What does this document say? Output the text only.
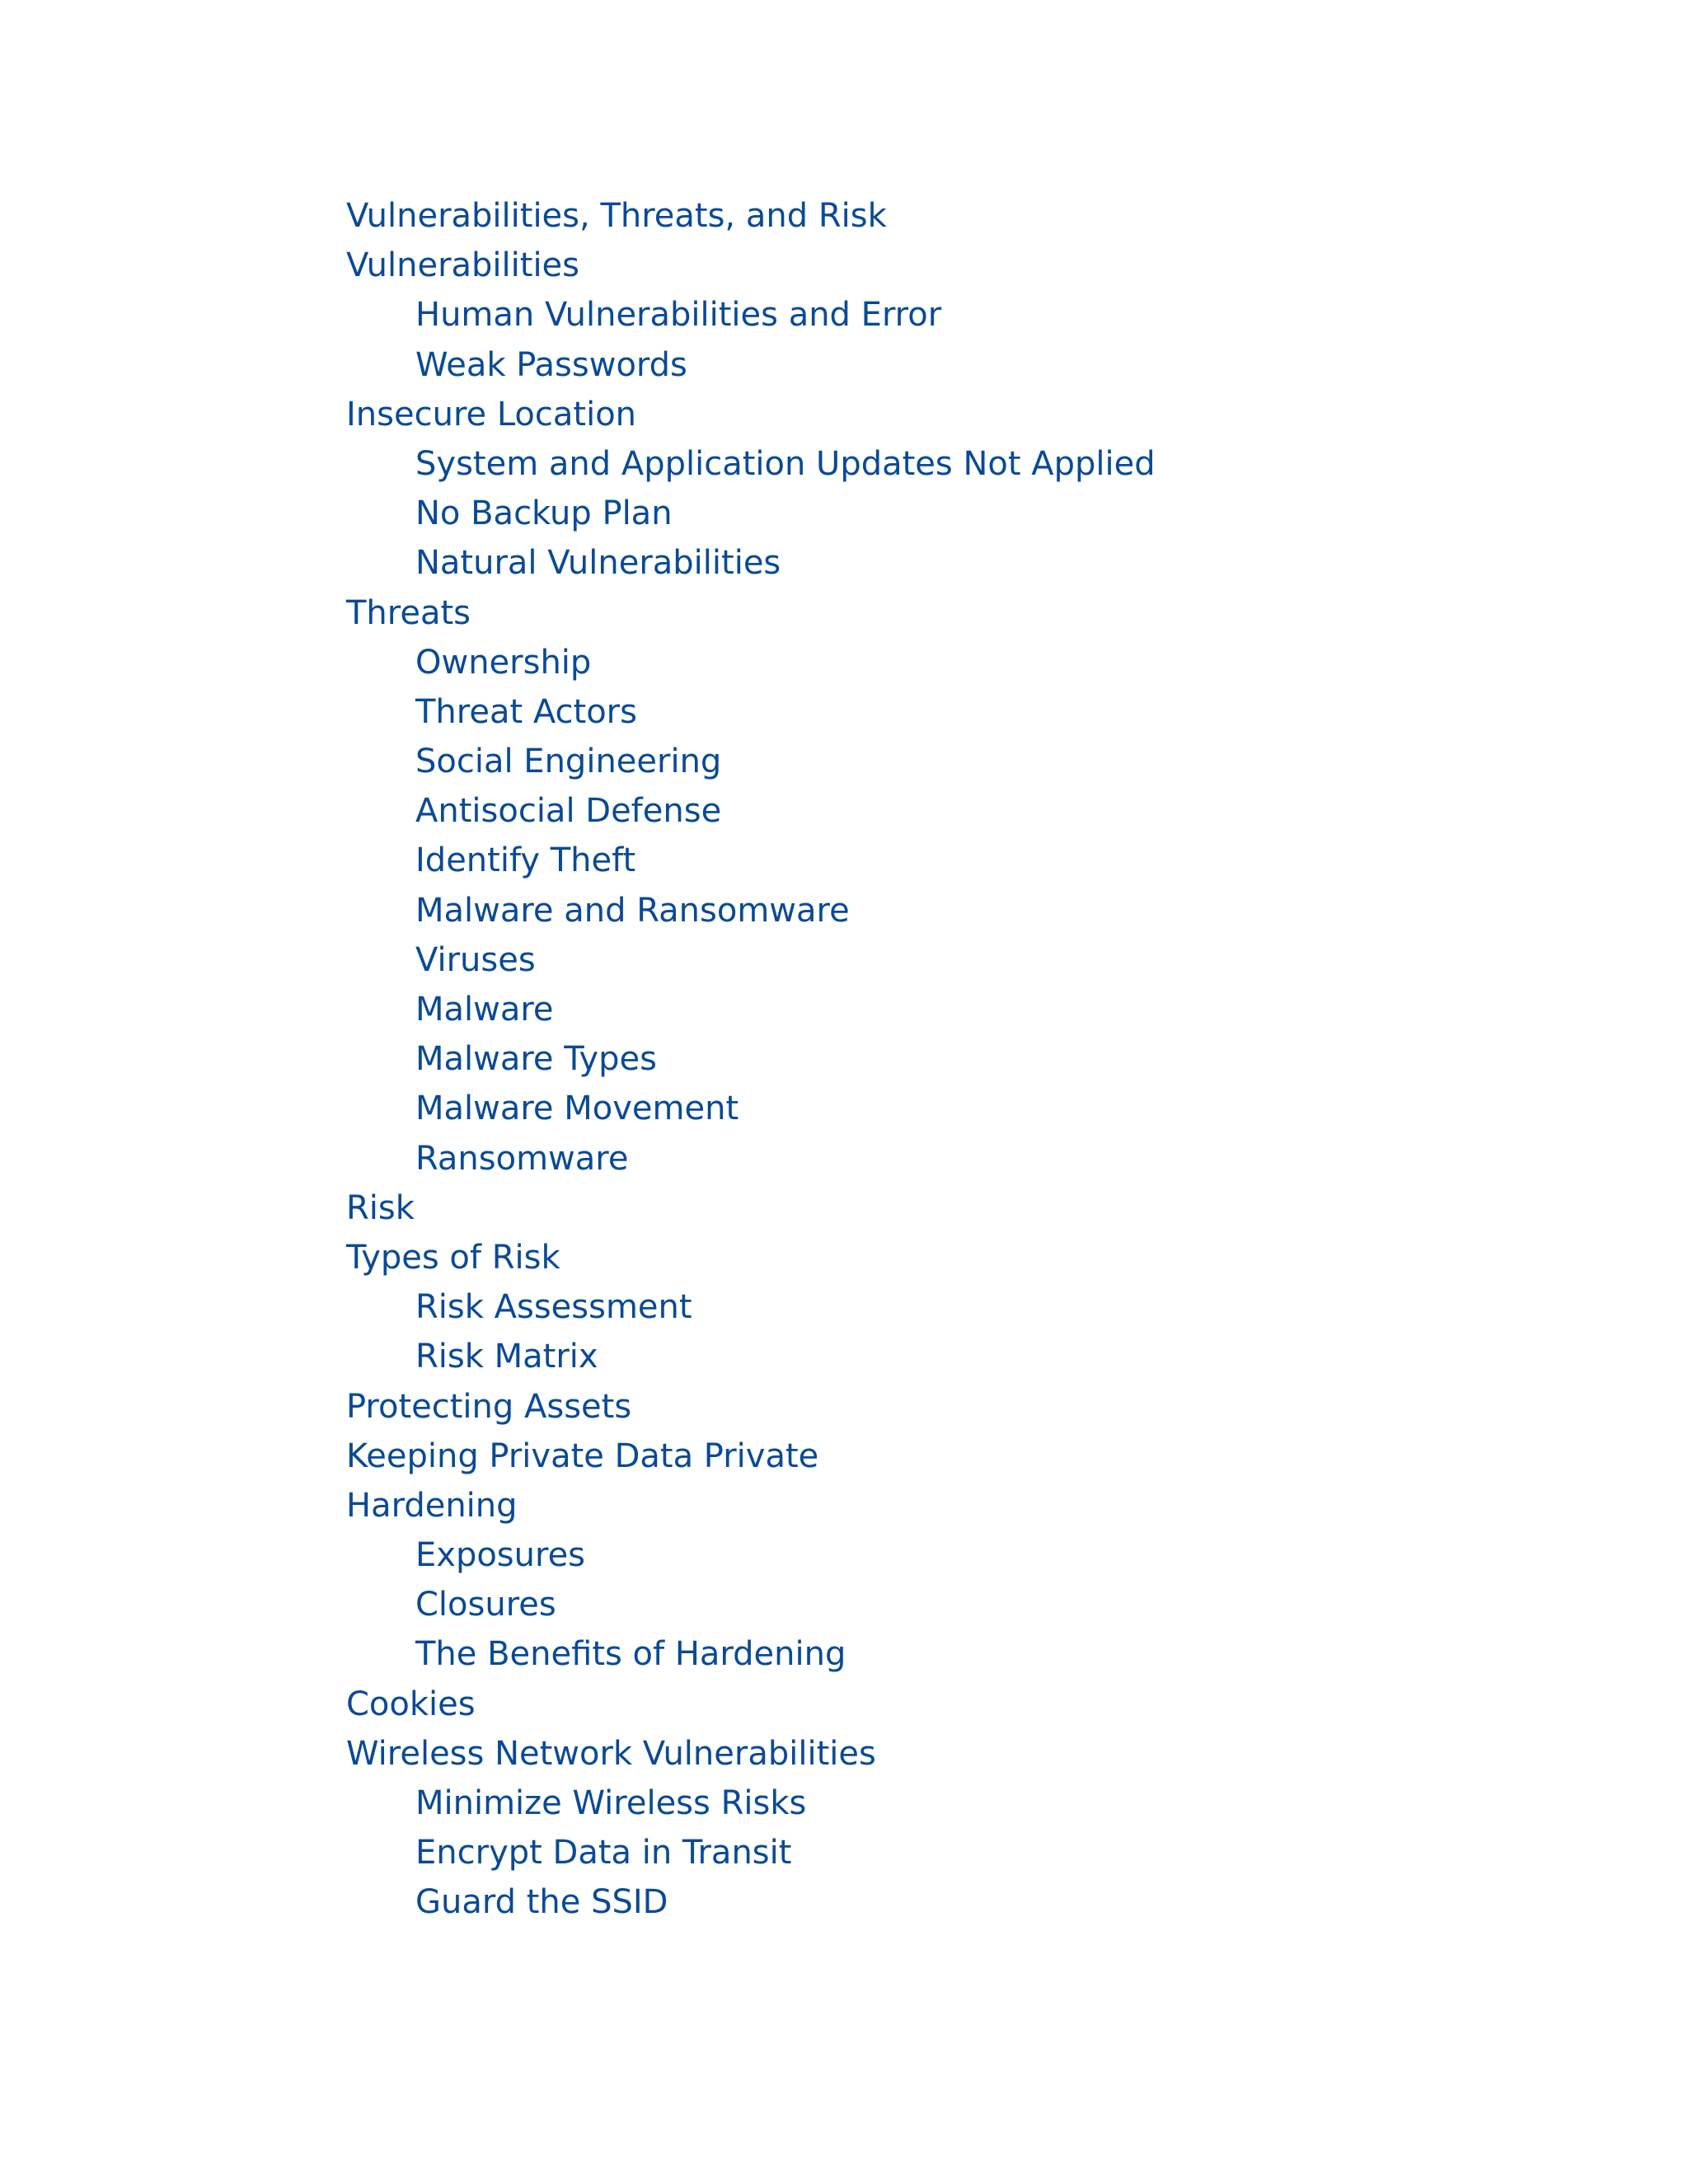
Vulnerabilities, Threats, and Risk
Vulnerabilities
Human Vulnerabilities and Error
Weak Passwords
Insecure Location
System and Application Updates Not Applied
No Backup Plan
Natural Vulnerabilities
Threats
Ownership
Threat Actors
Social Engineering
Antisocial Defense
Identify Theft
Malware and Ransomware
Viruses
Malware
Malware Types
Malware Movement
Ransomware
Risk
Types of Risk
Risk Assessment
Risk Matrix
Protecting Assets
Keeping Private Data Private
Hardening
Exposures
Closures
The Benefits of Hardening
Cookies
Wireless Network Vulnerabilities
Minimize Wireless Risks
Encrypt Data in Transit
Guard the SSID
